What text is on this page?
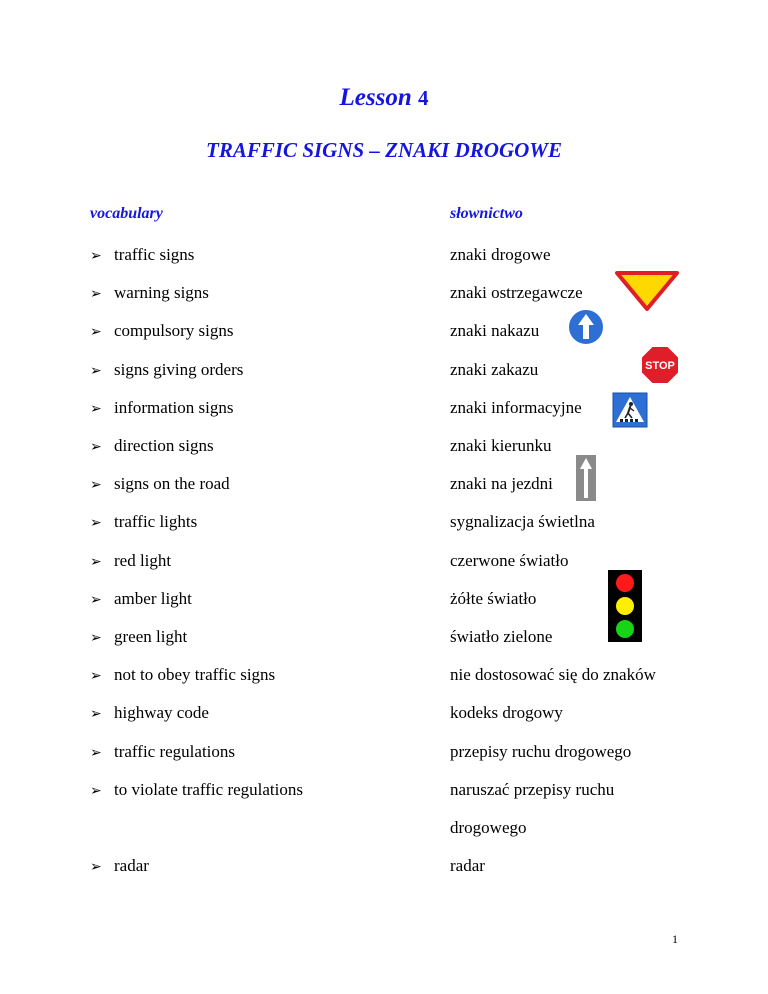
Lesson 4
TRAFFIC SIGNS – ZNAKI DROGOWE
vocabulary	słownictwo
➢ traffic signs	znaki drogowe
➢ warning signs	znaki ostrzegawcze
➢ compulsory signs	znaki nakazu
➢ signs giving orders	znaki zakazu
➢ information signs	znaki informacyjne
➢ direction signs	znaki kierunku
➢ signs on the road	znaki na jezdni
➢ traffic lights	sygnalizacja świetlna
➢ red light	czerwone światło
➢ amber light	żółte światło
➢ green light	światło zielone
➢ not to obey traffic signs	nie dostosować się do znaków
➢ highway code	kodeks drogowy
➢ traffic regulations	przepisy ruchu drogowego
➢ to violate traffic regulations	naruszać przepisy ruchu
drogowego
➢ radar	radar
STOP
1
